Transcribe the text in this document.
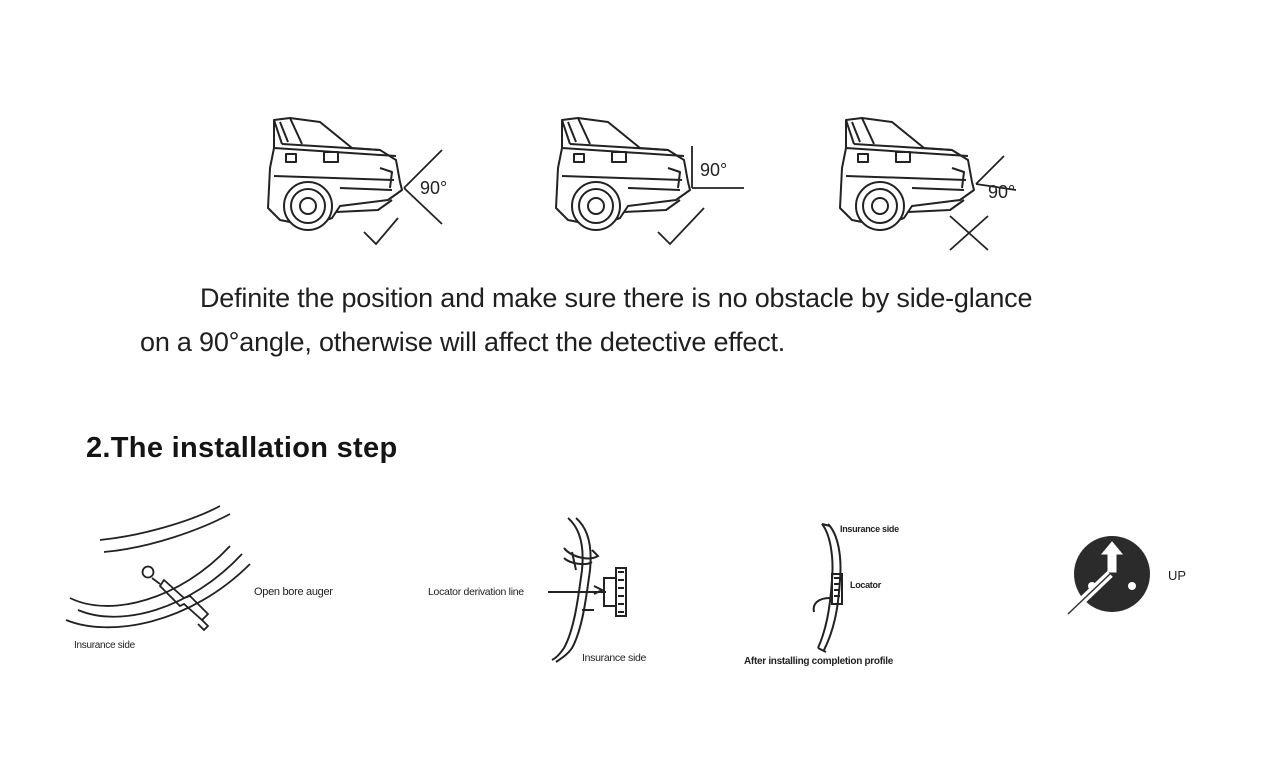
90°
90°
90°
Definite the position and make sure there is no obstacle by side-glance
on a 90°angle, otherwise will affect the detective effect.
2.The installation step
Open bore auger
Insurance side
Locator derivation line
Insurance side
Insurance side
Locator
After installing completion profile
UP
